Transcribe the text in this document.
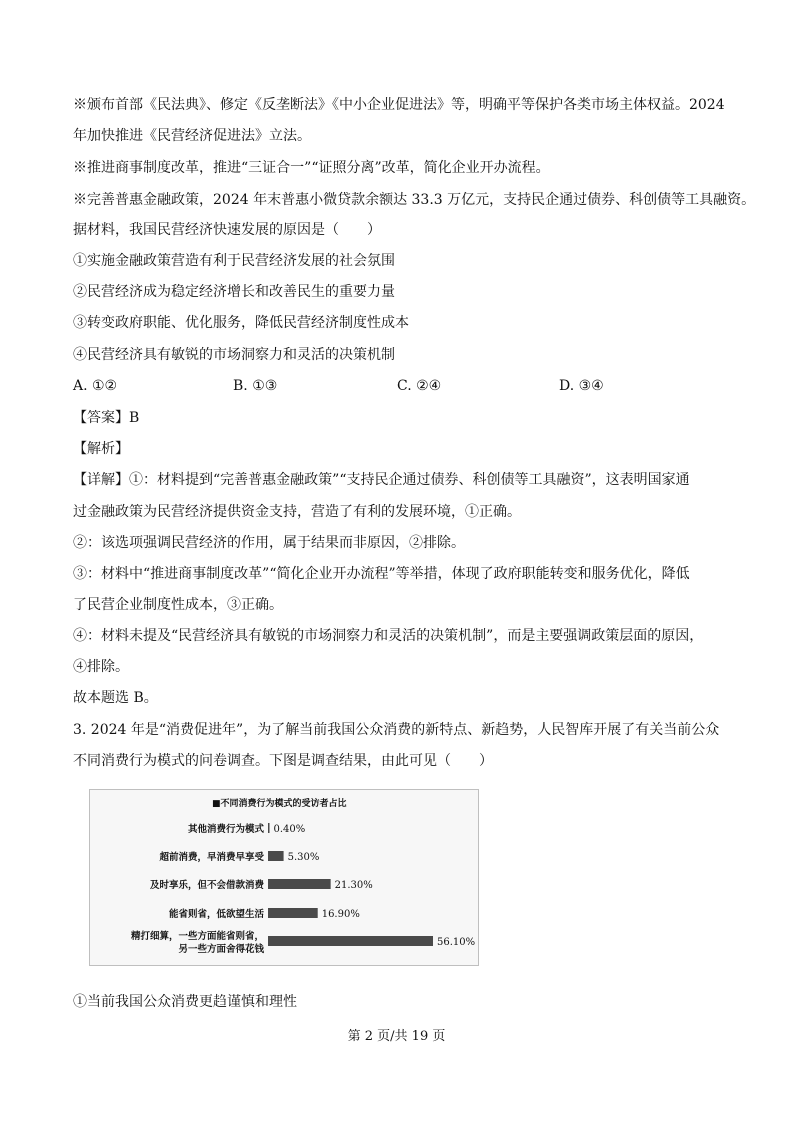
※颁布首部《民法典》、修定《反垄断法》《中小企业促进法》等，明确平等保护各类市场主体权益。2024
年加快推进《民营经济促进法》立法。
※推进商事制度改革，推进“三证合一”“证照分离”改革，简化企业开办流程。
※完善普惠金融政策，2024 年末普惠小微贷款余额达 33.3 万亿元，支持民企通过债券、科创债等工具融资。
据材料，我国民营经济快速发展的原因是（　　）
①实施金融政策营造有利于民营经济发展的社会氛围
②民营经济成为稳定经济增长和改善民生的重要力量
③转变政府职能、优化服务，降低民营经济制度性成本
④民营经济具有敏锐的市场洞察力和灵活的决策机制
A. ①②	B. ①③	C. ②④	D. ③④
【答案】B
【解析】
【详解】①：材料提到“完善普惠金融政策”“支持民企通过债券、科创债等工具融资”，这表明国家通
过金融政策为民营经济提供资金支持，营造了有利的发展环境，①正确。
②：该选项强调民营经济的作用，属于结果而非原因，②排除。
③：材料中“推进商事制度改革”“简化企业开办流程”等举措，体现了政府职能转变和服务优化，降低
了民营企业制度性成本，③正确。
④：材料未提及“民营经济具有敏锐的市场洞察力和灵活的决策机制”，而是主要强调政策层面的原因，
④排除。
故本题选 B。
3. 2024 年是“消费促进年”，为了解当前我国公众消费的新特点、新趋势，人民智库开展了有关当前公众
不同消费行为模式的问卷调查。下图是调查结果，由此可见（　　）
■不同消费行为模式的受访者占比
其他消费行为模式 0.40%
超前消费，早消费早享受 5.30%
及时享乐，但不会借款消费	21.30%
能省则省，低欲望生活	16.90%
精打细算，一些方面能省则省，
另一些方面舍得花钱
56.10%
①当前我国公众消费更趋谨慎和理性
第 2 页/共 19 页
